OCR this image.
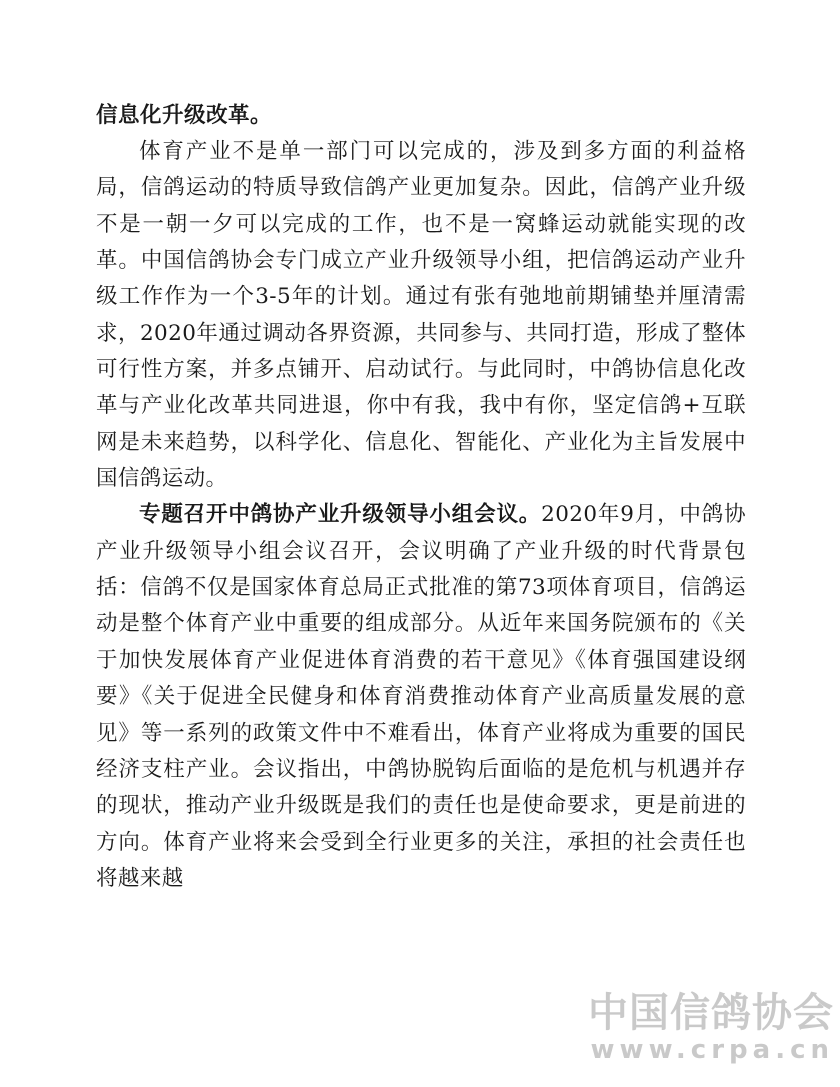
信息化升级改革。

体育产业不是单一部门可以完成的，涉及到多方面的利益格局，信鸽运动的特质导致信鸽产业更加复杂。因此，信鸽产业升级不是一朝一夕可以完成的工作，也不是一窝蜂运动就能实现的改革。中国信鸽协会专门成立产业升级领导小组，把信鸽运动产业升级工作作为一个3-5年的计划。通过有张有弛地前期铺垫并厘清需求，2020年通过调动各界资源，共同参与、共同打造，形成了整体可行性方案，并多点铺开、启动试行。与此同时，中鸽协信息化改革与产业化改革共同进退，你中有我，我中有你，坚定信鸽+互联网是未来趋势，以科学化、信息化、智能化、产业化为主旨发展中国信鸽运动。

专题召开中鸽协产业升级领导小组会议。2020年9月，中鸽协产业升级领导小组会议召开，会议明确了产业升级的时代背景包括：信鸽不仅是国家体育总局正式批准的第73项体育项目，信鸽运动是整个体育产业中重要的组成部分。从近年来国务院颁布的《关于加快发展体育产业促进体育消费的若干意见》《体育强国建设纲要》《关于促进全民健身和体育消费推动体育产业高质量发展的意见》等一系列的政策文件中不难看出，体育产业将成为重要的国民经济支柱产业。会议指出，中鸽协脱钩后面临的是危机与机遇并存的现状，推动产业升级既是我们的责任也是使命要求，更是前进的方向。体育产业将来会受到全行业更多的关注，承担的社会责任也将越来越

中国信鸽协会
www.crpa.cn
